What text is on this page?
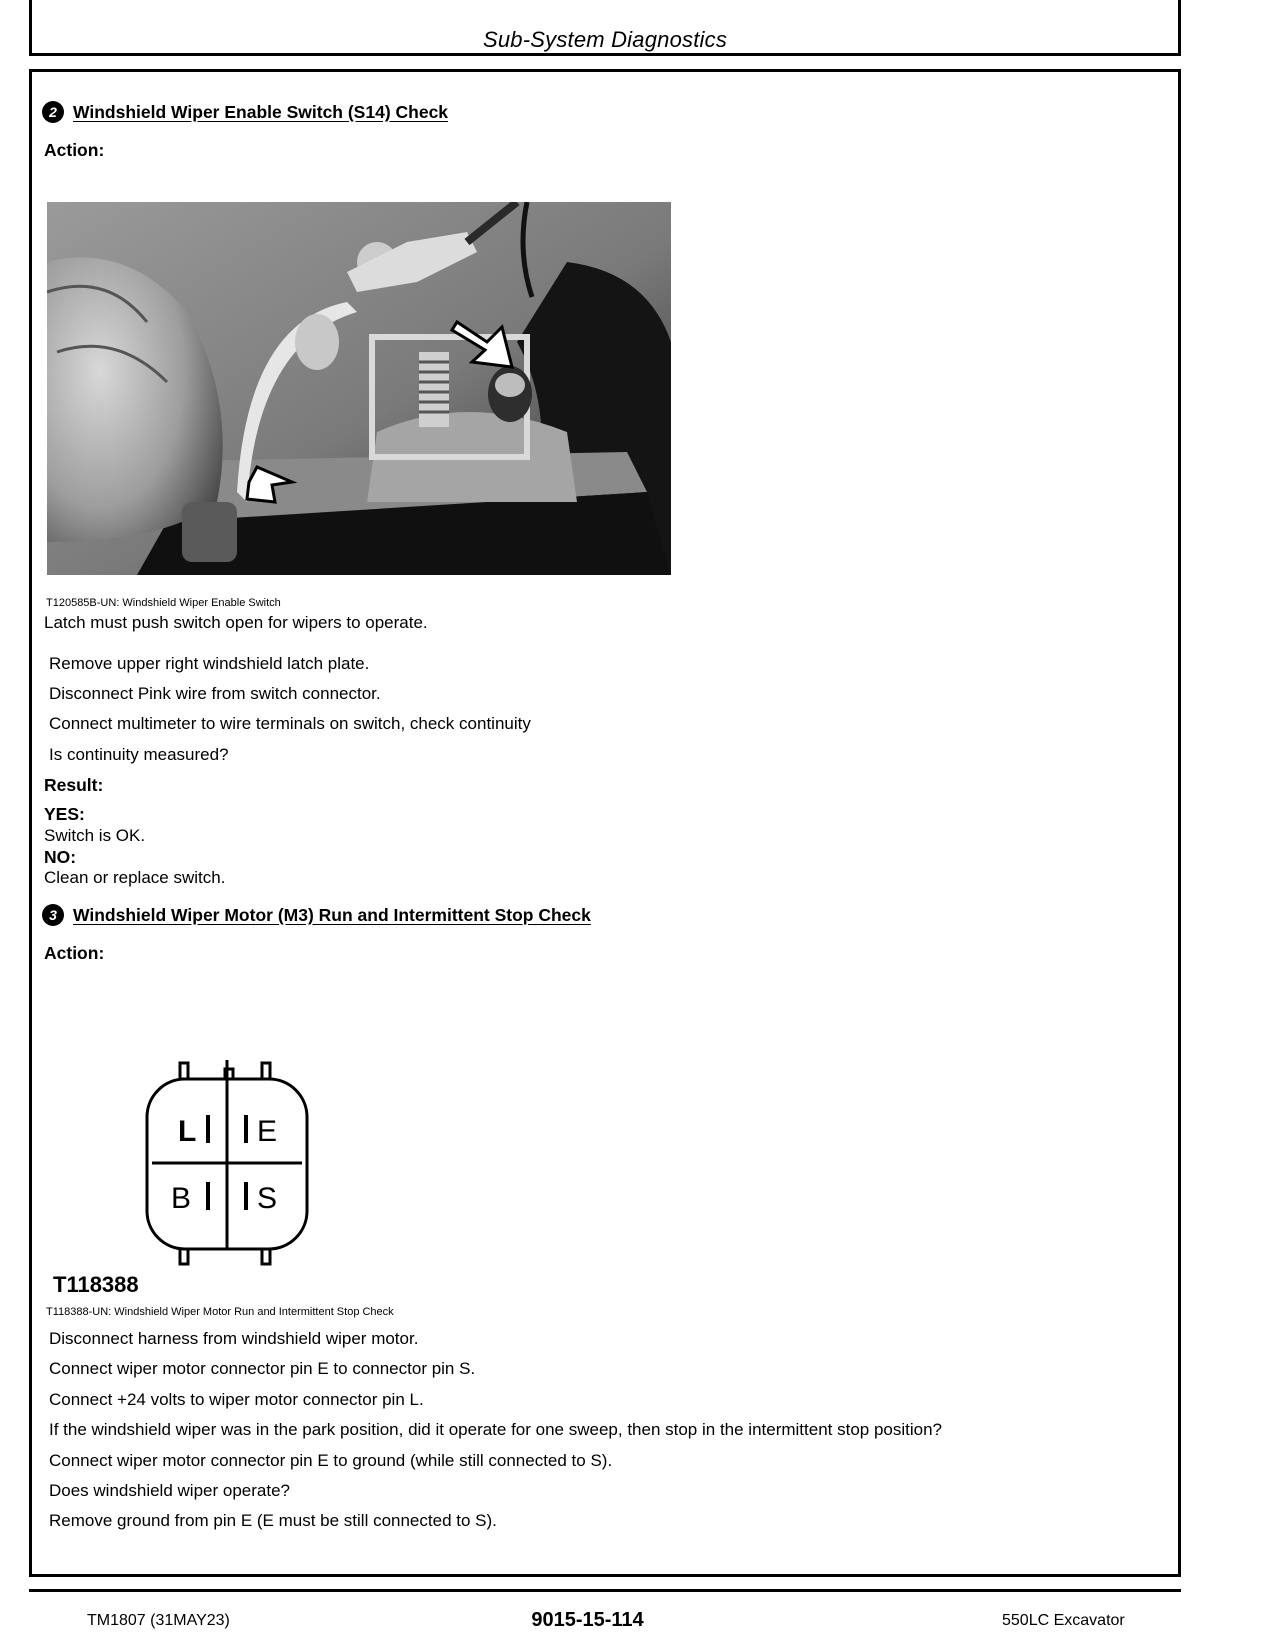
Sub-System Diagnostics
2 Windshield Wiper Enable Switch (S14) Check
Action:
T120585B-UN: Windshield Wiper Enable Switch
Latch must push switch open for wipers to operate.
Remove upper right windshield latch plate.
Disconnect Pink wire from switch connector.
Connect multimeter to wire terminals on switch, check continuity
Is continuity measured?
Result:
YES:
Switch is OK.
NO:
Clean or replace switch.
3 Windshield Wiper Motor (M3) Run and Intermittent Stop Check
Action:
L E
B S
T118388
T118388-UN: Windshield Wiper Motor Run and Intermittent Stop Check
Disconnect harness from windshield wiper motor.
Connect wiper motor connector pin E to connector pin S.
Connect +24 volts to wiper motor connector pin L.
If the windshield wiper was in the park position, did it operate for one sweep, then stop in the intermittent stop position?
Connect wiper motor connector pin E to ground (while still connected to S).
Does windshield wiper operate?
Remove ground from pin E (E must be still connected to S).
TM1807 (31MAY23)	9015-15-114	550LC Excavator
